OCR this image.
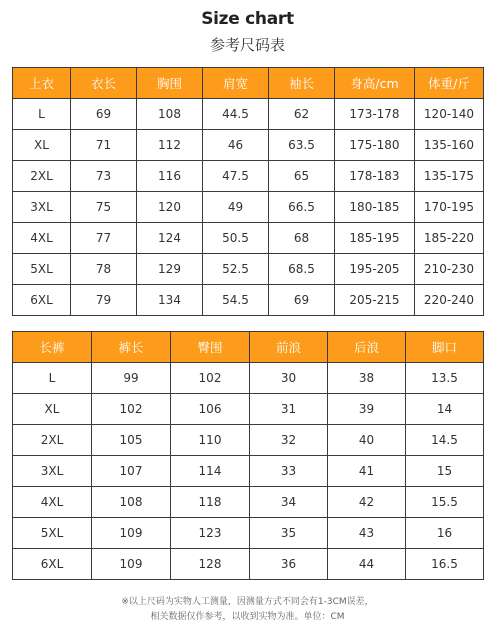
Size chart
参考尺码表
上衣	衣长	胸围	肩宽	袖长	身高/cm	体重/斤
L	69	108	44.5	62	173-178	120-140
XL	71	112	46	63.5	175-180	135-160
2XL	73	116	47.5	65	178-183	135-175
3XL	75	120	49	66.5	180-185	170-195
4XL	77	124	50.5	68	185-195	185-220
5XL	78	129	52.5	68.5	195-205	210-230
6XL	79	134	54.5	69	205-215	220-240
长裤	裤长	臀围	前浪	后浪	脚口
L	99	102	30	38	13.5
XL	102	106	31	39	14
2XL	105	110	32	40	14.5
3XL	107	114	33	41	15
4XL	108	118	34	42	15.5
5XL	109	123	35	43	16
6XL	109	128	36	44	16.5
※以上尺码为实物人工测量，因测量方式不同会有1-3CM误差，
相关数据仅作参考，以收到实物为准。单位：CM
